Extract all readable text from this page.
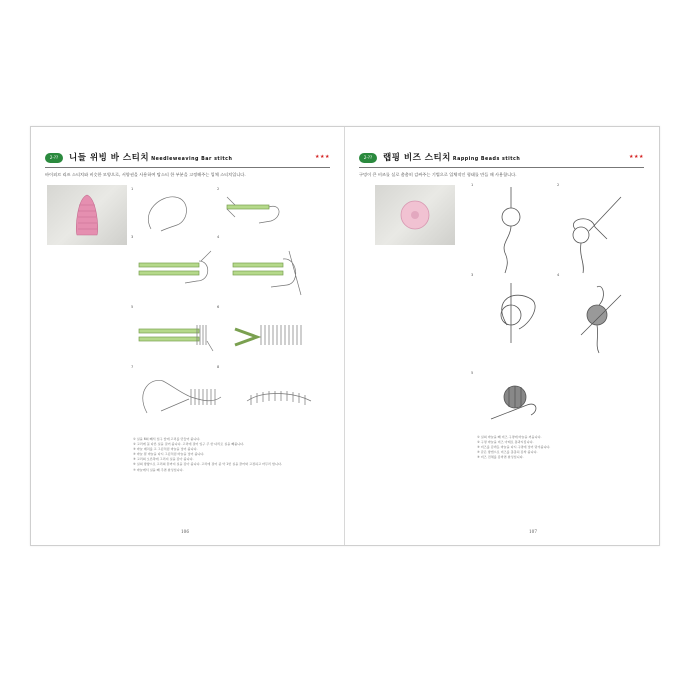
2-??	니들 위빙 바 스티치 Needleweaving Bar stitch	★★★
바이외르 리즈 스티치와 비슷한 모양으로, 서양권을 사용하여 탑스티 한 부분을 고정해주는 입체 스티치입니다.
1	2
3	4
5	6
7	8
① 실을 6회 빼서 입구 앞에 고리를 만들어 줍니다.
② 고리에 꽂 다른 실을 걸어 줍니다. 고리에 걸어 입구 주 한 다리로 실을 빼줍니다.
③ 바늘 배치를 고 그림처럼 바늘을 넣어 줍니다.
④ 바늘 뿐 바늘을 다시 그림처럼 바늘을 넣어 줍니다.
⑤ 고리의 오른쪽에 그리지 실을 감아 줍니다.
⑥ 실의 방향으로 고리의 끝까지 실을 감아 줍니다. 고리에 걸어 중 약 1번 실을 끌어와 고정하고 마무리 합니다.
⑦ 바늘에서 실을 빼 주면 완성입니다.
106
2-??	랩핑 비즈 스티치 Rapping Beads stitch	★★★
구멍이 큰 비즈를 실로 촘촘히 감싸주는 기법으로 입체적인 형태를 만들 때 사용합니다.
1	2
3	4
5
① 실의 바늘을 빼 비즈 구멍에 바늘을 끼웁니다.
② 구멍 바늘을 비즈 아래로 통과시킵니다.
③ 비즈를 감싸듯 바늘을 다시 구멍에 넣어 당겨줍니다.
④ 같은 방법으로 비즈를 촘촘히 감싸 줍니다.
⑤ 비즈 전체를 감싸면 완성입니다.
107
